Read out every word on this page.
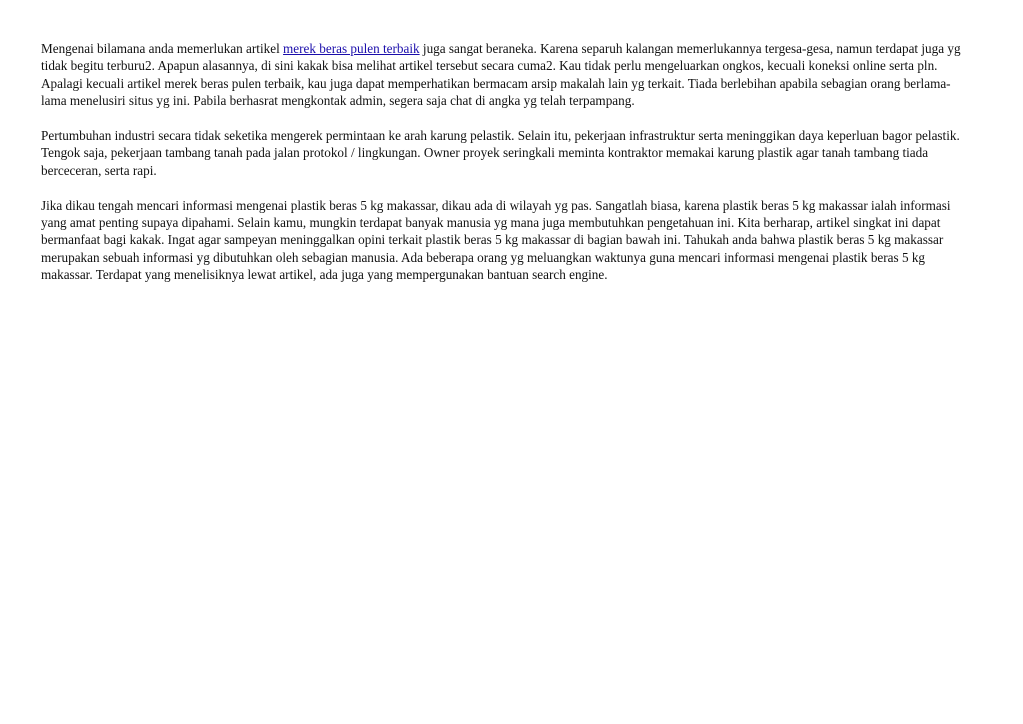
Mengenai bilamana anda memerlukan artikel merek beras pulen terbaik juga sangat beraneka. Karena separuh kalangan memerlukannya tergesa-gesa, namun terdapat juga yg tidak begitu terburu2. Apapun alasannya, di sini kakak bisa melihat artikel tersebut secara cuma2. Kau tidak perlu mengeluarkan ongkos, kecuali koneksi online serta pln. Apalagi kecuali artikel merek beras pulen terbaik, kau juga dapat memperhatikan bermacam arsip makalah lain yg terkait. Tiada berlebihan apabila sebagian orang berlama-lama menelusiri situs yg ini. Pabila berhasrat mengkontak admin, segera saja chat di angka yg telah terpampang.

Pertumbuhan industri secara tidak seketika mengerek permintaan ke arah karung pelastik. Selain itu, pekerjaan infrastruktur serta meninggikan daya keperluan bagor pelastik. Tengok saja, pekerjaan tambang tanah pada jalan protokol / lingkungan. Owner proyek seringkali meminta kontraktor memakai karung plastik agar tanah tambang tiada berceceran, serta rapi.

Jika dikau tengah mencari informasi mengenai plastik beras 5 kg makassar, dikau ada di wilayah yg pas. Sangatlah biasa, karena plastik beras 5 kg makassar ialah informasi yang amat penting supaya dipahami. Selain kamu, mungkin terdapat banyak manusia yg mana juga membutuhkan pengetahuan ini. Kita berharap, artikel singkat ini dapat bermanfaat bagi kakak. Ingat agar sampeyan meninggalkan opini terkait plastik beras 5 kg makassar di bagian bawah ini. Tahukah anda bahwa plastik beras 5 kg makassar merupakan sebuah informasi yg dibutuhkan oleh sebagian manusia. Ada beberapa orang yg meluangkan waktunya guna mencari informasi mengenai plastik beras 5 kg makassar. Terdapat yang menelisiknya lewat artikel, ada juga yang mempergunakan bantuan search engine.
